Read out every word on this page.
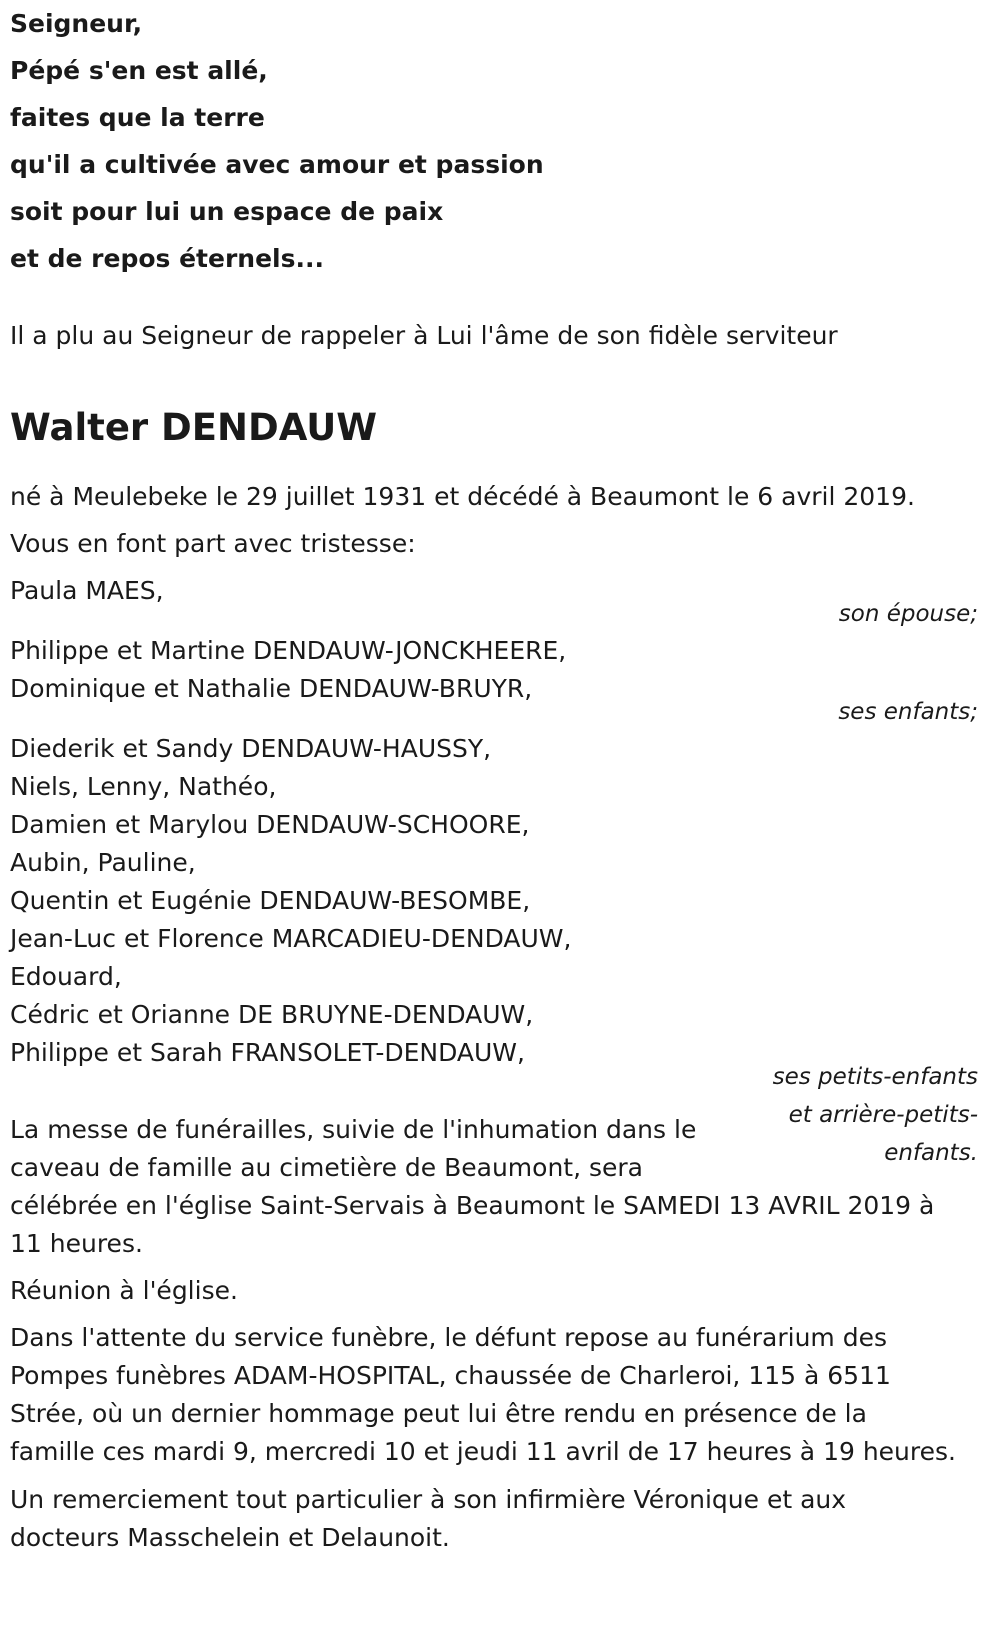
Seigneur,
Pépé s'en est allé,
faites que la terre
qu'il a cultivée avec amour et passion
soit pour lui un espace de paix
et de repos éternels...
Il a plu au Seigneur de rappeler à Lui l'âme de son fidèle serviteur
Walter DENDAUW
né à Meulebeke le 29 juillet 1931 et décédé à Beaumont le 6 avril 2019.
Vous en font part avec tristesse:
Paula MAES,
son épouse;
Philippe et Martine DENDAUW-JONCKHEERE,
Dominique et Nathalie DENDAUW-BRUYR,
ses enfants;
Diederik et Sandy DENDAUW-HAUSSY,
Niels, Lenny, Nathéo,
Damien et Marylou DENDAUW-SCHOORE,
Aubin, Pauline,
Quentin et Eugénie DENDAUW-BESOMBE,
Jean-Luc et Florence MARCADIEU-DENDAUW,
Edouard,
Cédric et Orianne DE BRUYNE-DENDAUW,
Philippe et Sarah FRANSOLET-DENDAUW,
ses petits-enfants
et arrière-petits-
enfants.
La messe de funérailles, suivie de l'inhumation dans le
caveau de famille au cimetière de Beaumont, sera
célébrée en l'église Saint-Servais à Beaumont le SAMEDI 13 AVRIL 2019 à
11 heures.
Réunion à l'église.
Dans l'attente du service funèbre, le défunt repose au funérarium des
Pompes funèbres ADAM-HOSPITAL, chaussée de Charleroi, 115 à 6511
Strée, où un dernier hommage peut lui être rendu en présence de la
famille ces mardi 9, mercredi 10 et jeudi 11 avril de 17 heures à 19 heures.
Un remerciement tout particulier à son infirmière Véronique et aux
docteurs Masschelein et Delaunoit.
